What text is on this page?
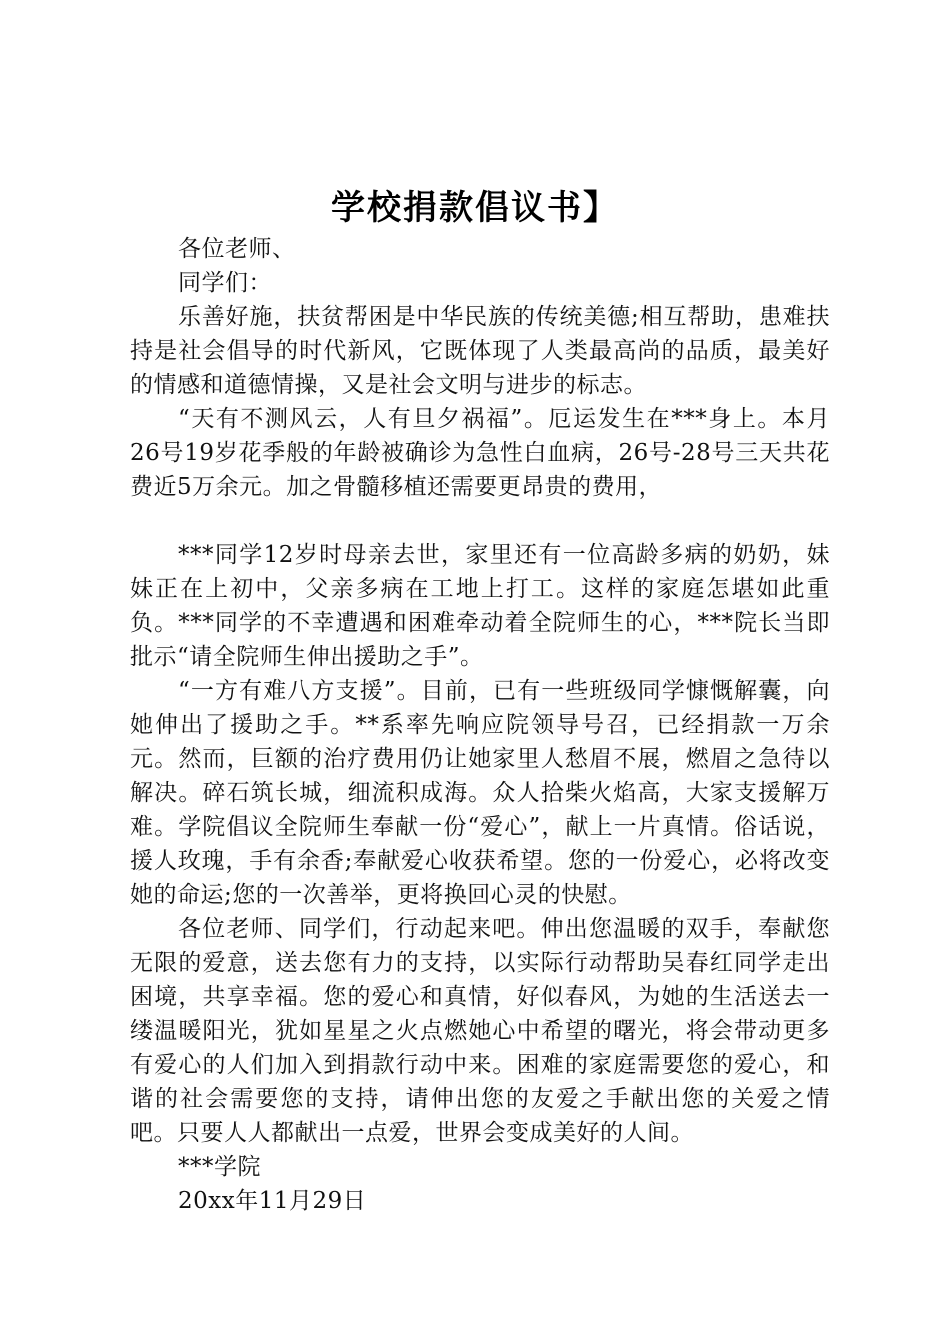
学校捐款倡议书】

各位老师、

同学们：

乐善好施，扶贫帮困是中华民族的传统美德;相互帮助，患难扶持是社会倡导的时代新风，它既体现了人类最高尚的品质，最美好的情感和道德情操，又是社会文明与进步的标志。

“天有不测风云，人有旦夕祸福”。厄运发生在***身上。本月26号19岁花季般的年龄被确诊为急性白血病，26号-28号三天共花费近5万余元。加之骨髓移植还需要更昂贵的费用，

***同学12岁时母亲去世，家里还有一位高龄多病的奶奶，妹妹正在上初中，父亲多病在工地上打工。这样的家庭怎堪如此重负。***同学的不幸遭遇和困难牵动着全院师生的心，***院长当即批示“请全院师生伸出援助之手”。

“一方有难八方支援”。目前，已有一些班级同学慷慨解囊，向她伸出了援助之手。**系率先响应院领导号召，已经捐款一万余元。然而，巨额的治疗费用仍让她家里人愁眉不展，燃眉之急待以解决。碎石筑长城，细流积成海。众人拾柴火焰高，大家支援解万难。学院倡议全院师生奉献一份“爱心”，献上一片真情。俗话说，援人玫瑰，手有余香;奉献爱心收获希望。您的一份爱心，必将改变她的命运;您的一次善举，更将换回心灵的快慰。

各位老师、同学们，行动起来吧。伸出您温暖的双手，奉献您无限的爱意，送去您有力的支持，以实际行动帮助吴春红同学走出困境，共享幸福。您的爱心和真情，好似春风，为她的生活送去一缕温暖阳光，犹如星星之火点燃她心中希望的曙光，将会带动更多有爱心的人们加入到捐款行动中来。困难的家庭需要您的爱心，和谐的社会需要您的支持，请伸出您的友爱之手献出您的关爱之情吧。只要人人都献出一点爱，世界会变成美好的人间。

***学院

20xx年11月29日
